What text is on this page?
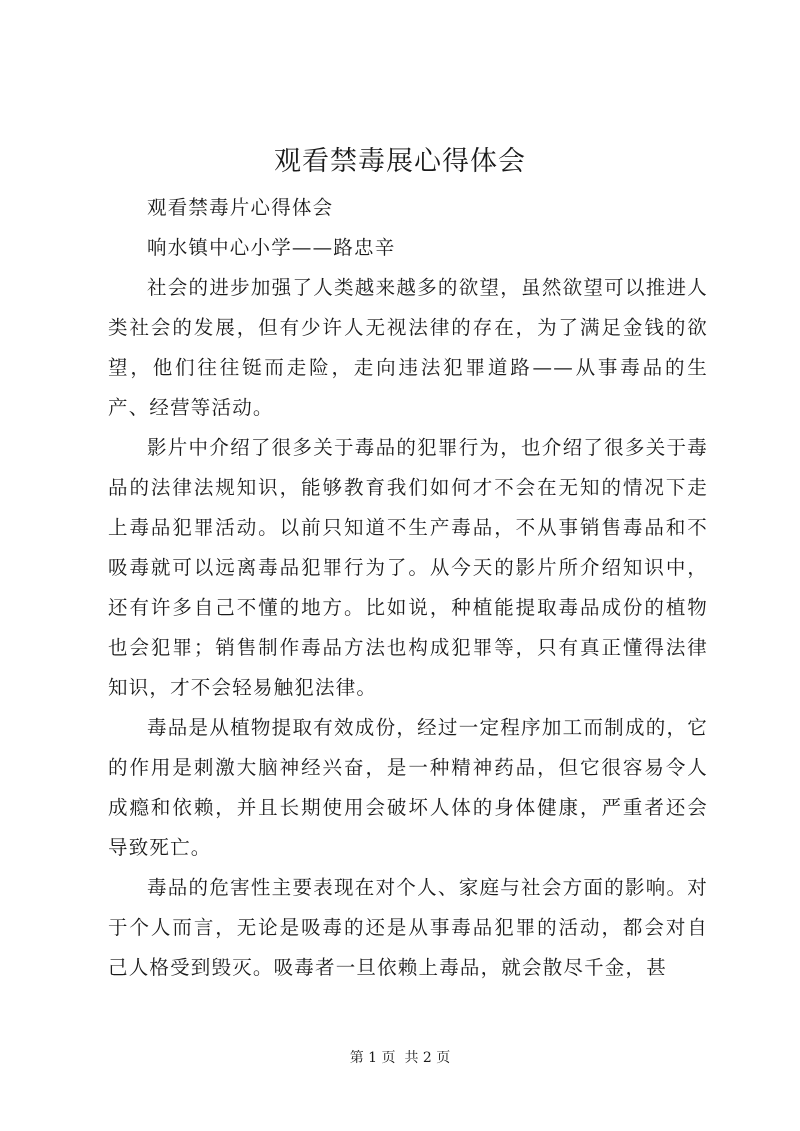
观看禁毒展心得体会

观看禁毒片心得体会

响水镇中心小学——路忠辛

社会的进步加强了人类越来越多的欲望，虽然欲望可以推进人类社会的发展，但有少许人无视法律的存在，为了满足金钱的欲望，他们往往铤而走险，走向违法犯罪道路——从事毒品的生产、经营等活动。

影片中介绍了很多关于毒品的犯罪行为，也介绍了很多关于毒品的法律法规知识，能够教育我们如何才不会在无知的情况下走上毒品犯罪活动。以前只知道不生产毒品，不从事销售毒品和不吸毒就可以远离毒品犯罪行为了。从今天的影片所介绍知识中，还有许多自己不懂的地方。比如说，种植能提取毒品成份的植物也会犯罪；销售制作毒品方法也构成犯罪等，只有真正懂得法律知识，才不会轻易触犯法律。

毒品是从植物提取有效成份，经过一定程序加工而制成的，它的作用是刺激大脑神经兴奋，是一种精神药品，但它很容易令人成瘾和依赖，并且长期使用会破坏人体的身体健康，严重者还会导致死亡。

毒品的危害性主要表现在对个人、家庭与社会方面的影响。对于个人而言，无论是吸毒的还是从事毒品犯罪的活动，都会对自己人格受到毁灭。吸毒者一旦依赖上毒品，就会散尽千金，甚

第 1 页 共 2 页
